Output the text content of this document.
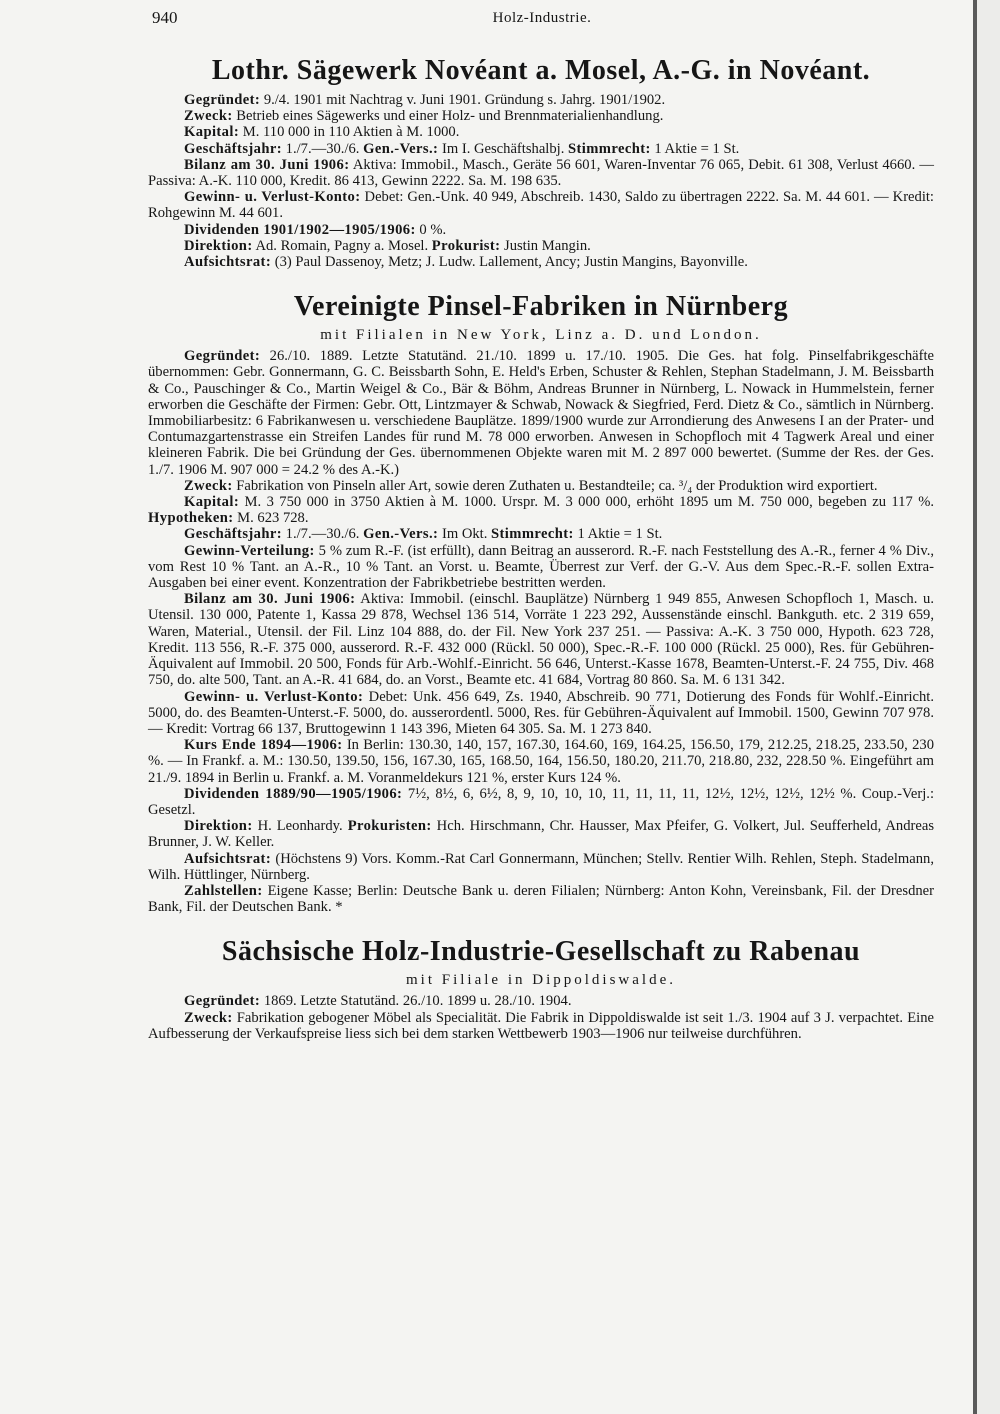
940	Holz-Industrie.
Lothr. Sägewerk Novéant a. Mosel, A.-G. in Novéant.

Gegründet: 9./4. 1901 mit Nachtrag v. Juni 1901. Gründung s. Jahrg. 1901/1902.

Zweck: Betrieb eines Sägewerks und einer Holz- und Brennmaterialienhandlung.

Kapital: M. 110 000 in 110 Aktien à M. 1000.

Geschäftsjahr: 1./7.—30./6. Gen.-Vers.: Im I. Geschäftshalbj. Stimmrecht: 1 Aktie = 1 St.

Bilanz am 30. Juni 1906: Aktiva: Immobil., Masch., Geräte 56 601, Waren-Inventar 76 065, Debit. 61 308, Verlust 4660. — Passiva: A.-K. 110 000, Kredit. 86 413, Gewinn 2222. Sa. M. 198 635.

Gewinn- u. Verlust-Konto: Debet: Gen.-Unk. 40 949, Abschreib. 1430, Saldo zu übertragen 2222. Sa. M. 44 601. — Kredit: Rohgewinn M. 44 601.

Dividenden 1901/1902—1905/1906: 0 %.

Direktion: Ad. Romain, Pagny a. Mosel. Prokurist: Justin Mangin.

Aufsichtsrat: (3) Paul Dassenoy, Metz; J. Ludw. Lallement, Ancy; Justin Mangins, Bayonville.

Vereinigte Pinsel-Fabriken in Nürnberg
mit Filialen in New York, Linz a. D. und London.

Gegründet: 26./10. 1889. Letzte Statutänd. 21./10. 1899 u. 17./10. 1905. Die Ges. hat folg. Pinselfabrikgeschäfte übernommen: Gebr. Gonnermann, G. C. Beissbarth Sohn, E. Held's Erben, Schuster & Rehlen, Stephan Stadelmann, J. M. Beissbarth & Co., Pauschinger & Co., Martin Weigel & Co., Bär & Böhm, Andreas Brunner in Nürnberg, L. Nowack in Hummelstein, ferner erworben die Geschäfte der Firmen: Gebr. Ott, Lintzmayer & Schwab, Nowack & Siegfried, Ferd. Dietz & Co., sämtlich in Nürnberg. Immobiliarbesitz: 6 Fabrikanwesen u. verschiedene Bauplätze. 1899/1900 wurde zur Arrondierung des Anwesens I an der Prater- und Contumazgartenstrasse ein Streifen Landes für rund M. 78 000 erworben. Anwesen in Schopfloch mit 4 Tagwerk Areal und einer kleineren Fabrik. Die bei Gründung der Ges. übernommenen Objekte waren mit M. 2 897 000 bewertet. (Summe der Res. der Ges. 1./7. 1906 M. 907 000 = 24.2 % des A.-K.)

Zweck: Fabrikation von Pinseln aller Art, sowie deren Zuthaten u. Bestandteile; ca. ³/₄ der Produktion wird exportiert.

Kapital: M. 3 750 000 in 3750 Aktien à M. 1000. Urspr. M. 3 000 000, erhöht 1895 um M. 750 000, begeben zu 117 %. Hypotheken: M. 623 728.

Geschäftsjahr: 1./7.—30./6. Gen.-Vers.: Im Okt. Stimmrecht: 1 Aktie = 1 St.

Gewinn-Verteilung: 5 % zum R.-F. (ist erfüllt), dann Beitrag an ausserord. R.-F. nach Feststellung des A.-R., ferner 4 % Div., vom Rest 10 % Tant. an A.-R., 10 % Tant. an Vorst. u. Beamte, Überrest zur Verf. der G.-V. Aus dem Spec.-R.-F. sollen Extra-Ausgaben bei einer event. Konzentration der Fabrikbetriebe bestritten werden.

Bilanz am 30. Juni 1906: Aktiva: Immobil. (einschl. Bauplätze) Nürnberg 1 949 855, Anwesen Schopfloch 1, Masch. u. Utensil. 130 000, Patente 1, Kassa 29 878, Wechsel 136 514, Vorräte 1 223 292, Aussenstände einschl. Bankguth. etc. 2 319 659, Waren, Material., Utensil. der Fil. Linz 104 888, do. der Fil. New York 237 251. — Passiva: A.-K. 3 750 000, Hypoth. 623 728, Kredit. 113 556, R.-F. 375 000, ausserord. R.-F. 432 000 (Rückl. 50 000), Spec.-R.-F. 100 000 (Rückl. 25 000), Res. für Gebühren-Äquivalent auf Immobil. 20 500, Fonds für Arb.-Wohlf.-Einricht. 56 646, Unterst.-Kasse 1678, Beamten-Unterst.-F. 24 755, Div. 468 750, do. alte 500, Tant. an A.-R. 41 684, do. an Vorst., Beamte etc. 41 684, Vortrag 80 860. Sa. M. 6 131 342.

Gewinn- u. Verlust-Konto: Debet: Unk. 456 649, Zs. 1940, Abschreib. 90 771, Dotierung des Fonds für Wohlf.-Einricht. 5000, do. des Beamten-Unterst.-F. 5000, do. ausserordentl. 5000, Res. für Gebühren-Äquivalent auf Immobil. 1500, Gewinn 707 978. — Kredit: Vortrag 66 137, Bruttogewinn 1 143 396, Mieten 64 305. Sa. M. 1 273 840.

Kurs Ende 1894—1906: In Berlin: 130.30, 140, 157, 167.30, 164.60, 169, 164.25, 156.50, 179, 212.25, 218.25, 233.50, 230 %. — In Frankf. a. M.: 130.50, 139.50, 156, 167.30, 165, 168.50, 164, 156.50, 180.20, 211.70, 218.80, 232, 228.50 %. Eingeführt am 21./9. 1894 in Berlin u. Frankf. a. M. Voranmeldekurs 121 %, erster Kurs 124 %.

Dividenden 1889/90—1905/1906: 7½, 8½, 6, 6½, 8, 9, 10, 10, 10, 11, 11, 11, 11, 12½, 12½, 12½, 12½ %. Coup.-Verj.: Gesetzl.

Direktion: H. Leonhardy. Prokuristen: Hch. Hirschmann, Chr. Hausser, Max Pfeifer, G. Volkert, Jul. Seufferheld, Andreas Brunner, J. W. Keller.

Aufsichtsrat: (Höchstens 9) Vors. Komm.-Rat Carl Gonnermann, München; Stellv. Rentier Wilh. Rehlen, Steph. Stadelmann, Wilh. Hüttlinger, Nürnberg.

Zahlstellen: Eigene Kasse; Berlin: Deutsche Bank u. deren Filialen; Nürnberg: Anton Kohn, Vereinsbank, Fil. der Dresdner Bank, Fil. der Deutschen Bank. *

Sächsische Holz-Industrie-Gesellschaft zu Rabenau
mit Filiale in Dippoldiswalde.

Gegründet: 1869. Letzte Statutänd. 26./10. 1899 u. 28./10. 1904.

Zweck: Fabrikation gebogener Möbel als Specialität. Die Fabrik in Dippoldiswalde ist seit 1./3. 1904 auf 3 J. verpachtet. Eine Aufbesserung der Verkaufspreise liess sich bei dem starken Wettbewerb 1903—1906 nur teilweise durchführen.
